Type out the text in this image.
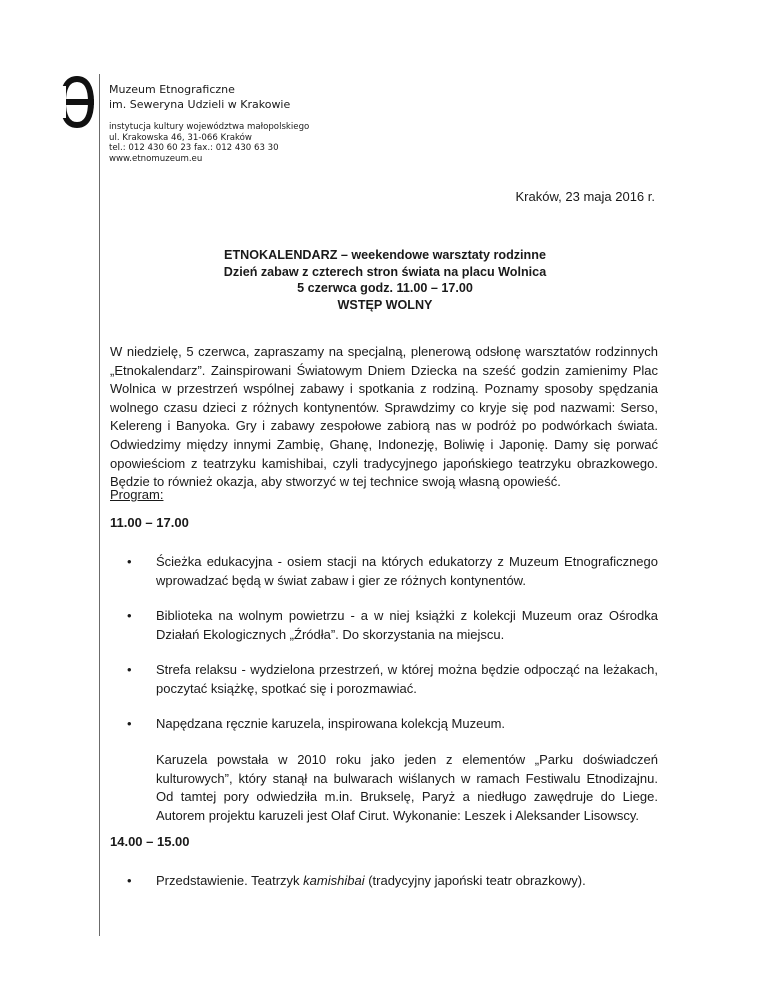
Muzeum Etnograficzne
im. Seweryna Udzieli w Krakowie
instytucja kultury województwa małopolskiego
ul. Krakowska 46, 31-066 Kraków
tel.: 012 430 60 23 fax.: 012 430 63 30
www.etnomuzeum.eu
Kraków, 23 maja 2016 r.
ETNOKALENDARZ – weekendowe warsztaty rodzinne
Dzień zabaw z czterech stron świata na placu Wolnica
5 czerwca godz. 11.00 – 17.00
WSTĘP WOLNY
W niedzielę, 5 czerwca, zapraszamy na specjalną, plenerową odsłonę warsztatów rodzinnych „Etnokalendarz”. Zainspirowani Światowym Dniem Dziecka na sześć godzin zamienimy Plac Wolnica w przestrzeń wspólnej zabawy i spotkania z rodziną. Poznamy sposoby spędzania wolnego czasu dzieci z różnych kontynentów. Sprawdzimy co kryje się pod nazwami: Serso, Kelereng i Banyoka. Gry i zabawy zespołowe zabiorą nas w podróż po podwórkach świata. Odwiedzimy między innymi Zambię, Ghanę, Indonezję, Boliwię i Japonię. Damy się porwać opowieściom z teatrzyku kamishibai, czyli tradycyjnego japońskiego teatrzyku obrazkowego. Będzie to również okazja, aby stworzyć w tej technice swoją własną opowieść.
Program:
11.00 – 17.00
• Ścieżka edukacyjna - osiem stacji na których edukatorzy z Muzeum Etnograficznego wprowadzać będą w świat zabaw i gier ze różnych kontynentów.
• Biblioteka na wolnym powietrzu - a w niej książki z kolekcji Muzeum oraz Ośrodka Działań Ekologicznych „Źródła”. Do skorzystania na miejscu.
• Strefa relaksu - wydzielona przestrzeń, w której można będzie odpocząć na leżakach, poczytać książkę, spotkać się i porozmawiać.
• Napędzana ręcznie karuzela, inspirowana kolekcją Muzeum.
Karuzela powstała w 2010 roku jako jeden z elementów „Parku doświadczeń kulturowych”, który stanął na bulwarach wiślanych w ramach Festiwalu Etnodizajnu. Od tamtej pory odwiedziła m.in. Brukselę, Paryż a niedługo zawędruje do Liege. Autorem projektu karuzeli jest Olaf Cirut. Wykonanie: Leszek i Aleksander Lisowscy.
14.00 – 15.00
• Przedstawienie. Teatrzyk kamishibai (tradycyjny japoński teatr obrazkowy).
